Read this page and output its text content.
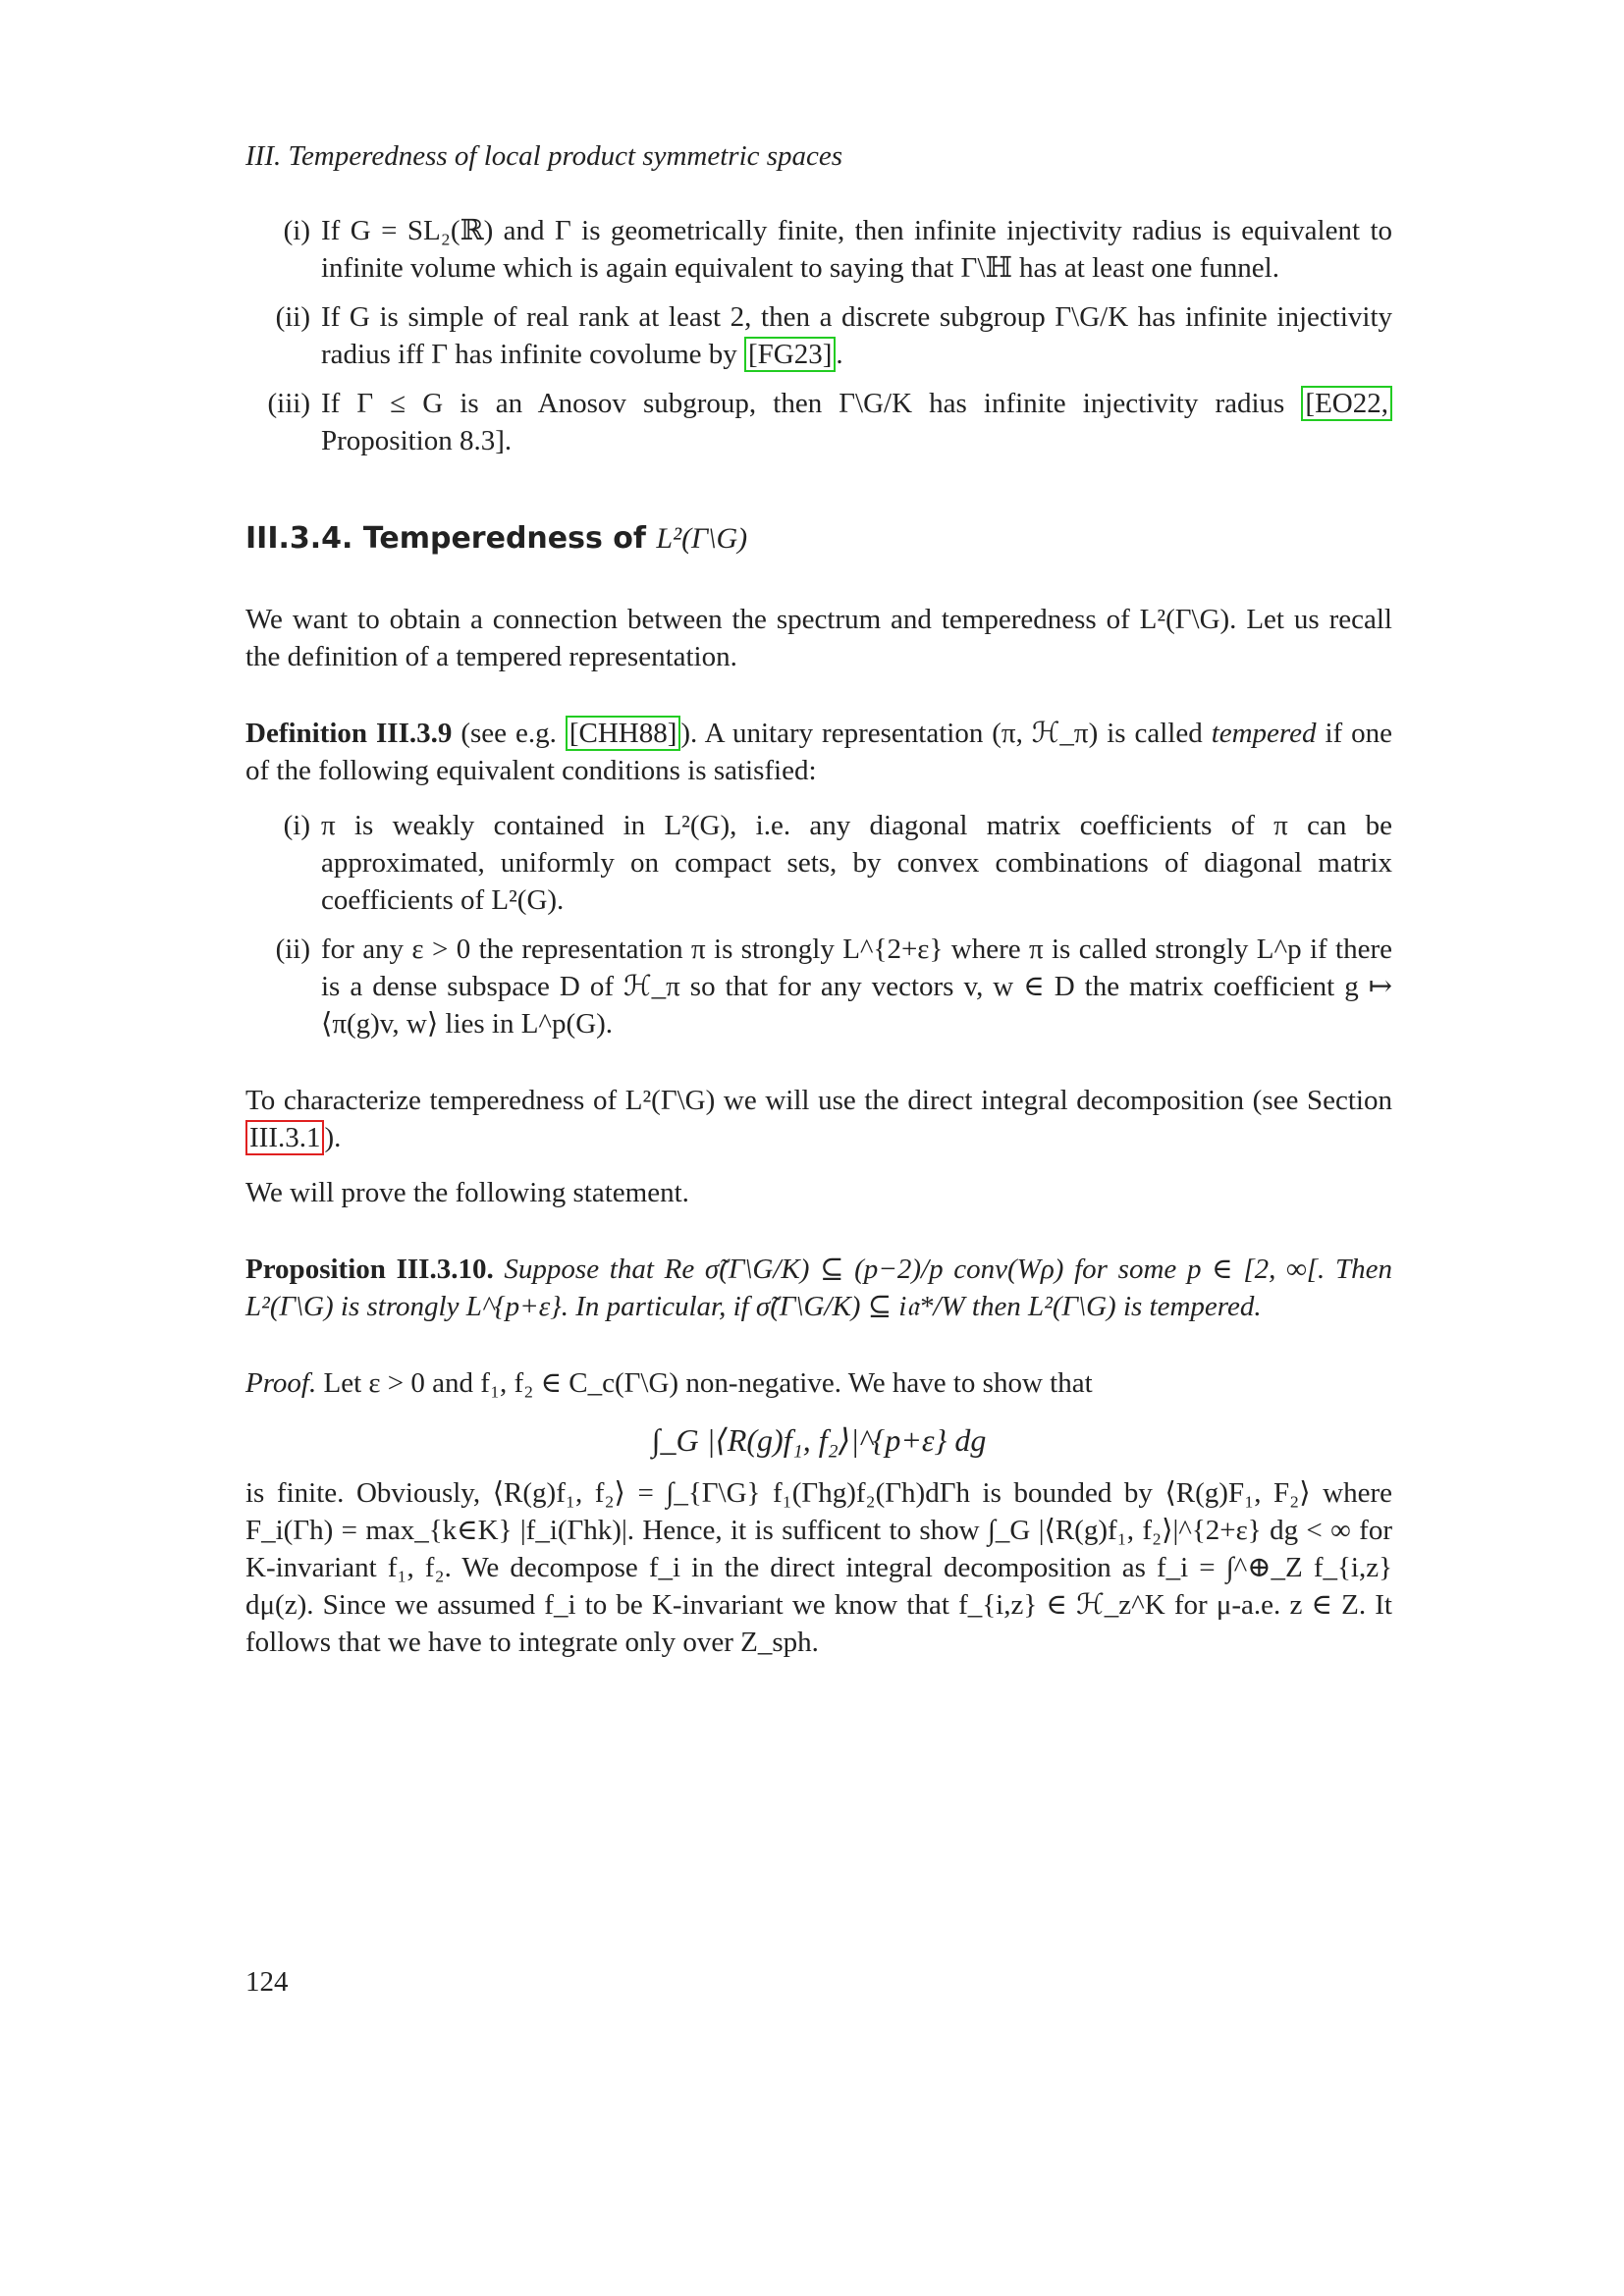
III. Temperedness of local product symmetric spaces
(i) If G = SL₂(ℝ) and Γ is geometrically finite, then infinite injectivity radius is equivalent to infinite volume which is again equivalent to saying that Γ\ℍ has at least one funnel.
(ii) If G is simple of real rank at least 2, then a discrete subgroup Γ\G/K has infinite injectivity radius iff Γ has infinite covolume by [FG23] .
(iii) If Γ ≤ G is an Anosov subgroup, then Γ\G/K has infinite injectivity radius [EO22, Proposition 8.3].
III.3.4. Temperedness of L²(Γ\G)

We want to obtain a connection between the spectrum and temperedness of L²(Γ\G). Let us recall the definition of a tempered representation.

Definition III.3.9 (see e.g. [CHH88] ). A unitary representation (π, ℋ_π) is called tempered if one of the following equivalent conditions is satisfied:

(i) π is weakly contained in L²(G), i.e. any diagonal matrix coefficients of π can be approximated, uniformly on compact sets, by convex combinations of diagonal matrix coefficients of L²(G).
(ii) for any ε > 0 the representation π is strongly L^{2+ε} where π is called strongly L^p if there is a dense subspace D of ℋ_π so that for any vectors v, w ∈ D the matrix coefficient g ↦ ⟨π(g)v, w⟩ lies in L^p(G).

To characterize temperedness of L²(Γ\G) we will use the direct integral decomposition (see Section III.3.1 ).

We will prove the following statement.

Proposition III.3.10. Suppose that Re σ̃(Γ\G/K) ⊆ (p−2)/p conv(Wρ) for some p ∈ [2, ∞[. Then L²(Γ\G) is strongly L^{p+ε}. In particular, if σ̃(Γ\G/K) ⊆ i𝔞*/W then L²(Γ\G) is tempered.

Proof. Let ε > 0 and f₁, f₂ ∈ C_c(Γ\G) non-negative. We have to show that

∫_G |⟨R(g)f₁, f₂⟩|^{p+ε} dg

is finite. Obviously, ⟨R(g)f₁, f₂⟩ = ∫_{Γ\G} f₁(Γhg)f₂(Γh)dΓh is bounded by ⟨R(g)F₁, F₂⟩ where F_i(Γh) = max_{k∈K} |f_i(Γhk)|. Hence, it is sufficent to show ∫_G |⟨R(g)f₁, f₂⟩|^{2+ε} dg < ∞ for K-invariant f₁, f₂. We decompose f_i in the direct integral decomposition as f_i = ∫^⊕_Z f_{i,z} dμ(z). Since we assumed f_i to be K-invariant we know that f_{i,z} ∈ ℋ_z^K for μ-a.e. z ∈ Z. It follows that we have to integrate only over Z_sph.

124
